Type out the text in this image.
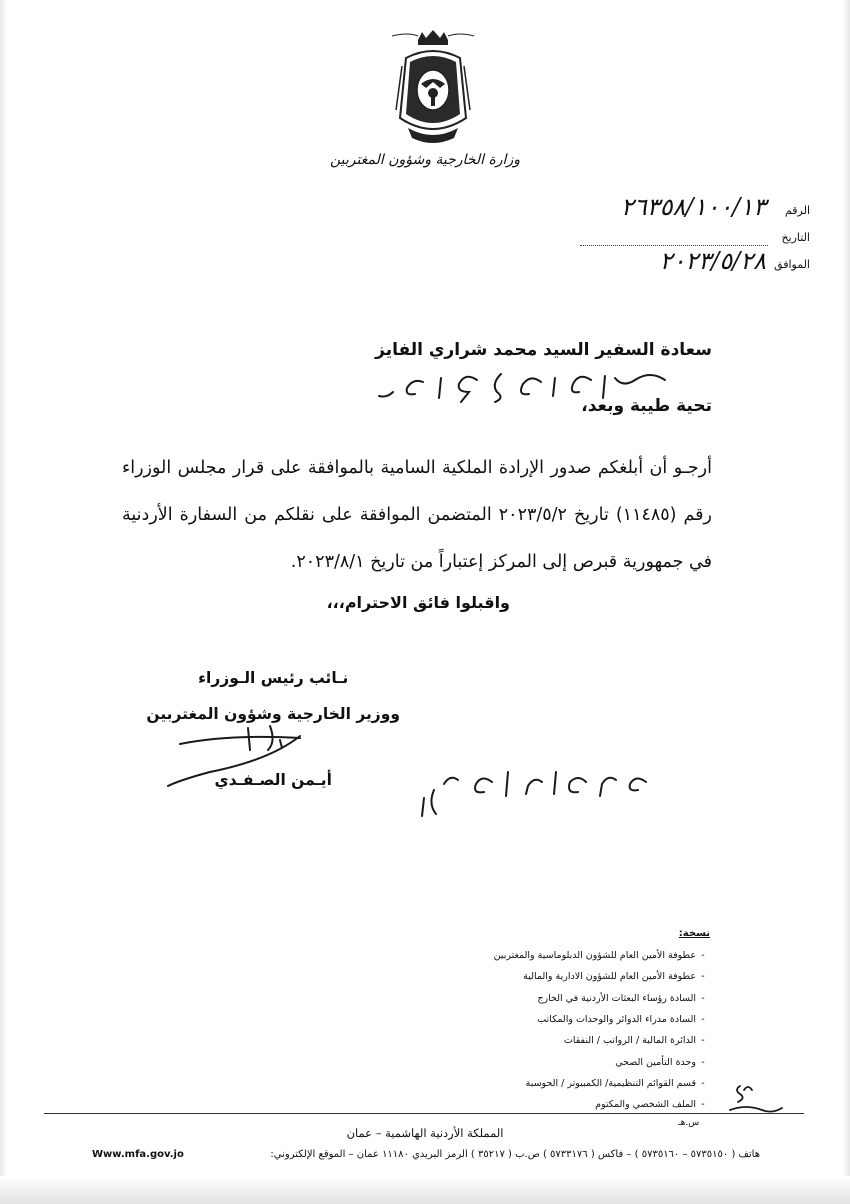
وزارة الخارجية وشؤون المغتربين
الرقم
٢٦٣٥٨/١٠٠/١٣
التاريخ
الموافق
٢٠٢٣/٥/٢٨
سعادة السفير السيد محمد شراري الفايز
تحية طيبة وبعد،
أرجـو أن أبلغكم صدور الإرادة الملكية السامية بالموافقة على قرار مجلس الوزراء رقم (١١٤٨٥) تاريخ ٢٠٢٣/٥/٢ المتضمن الموافقة على نقلكم من السفارة الأردنية في جمهورية قبرص إلى المركز إعتباراً من تاريخ ٢٠٢٣/٨/١.
واقبلوا فائق الاحترام،،،
نـائب رئيس الـوزراء
ووزير الخارجية وشؤون المغتربين
أيـمن الصـفـدي
نسخة:
-
عطوفة الأمين العام للشؤون الدبلوماسية والمغتربين
-
عطوفة الأمين العام للشؤون الادارية والمالية
-
السادة رؤساء البعثات الأردنية في الخارج
-
السادة مدراء الدوائر والوحدات والمكاتب
-
الدائرة المالية / الرواتب / النفقات
-
وحدة التأمين الصحي
-
قسم القوائم التنظيمية/ الكمبيوتر / الحوسبة
-
الملف الشخصي والمكتوم
س.هـ
المملكة الأردنية الهاشمية – عمان
هاتف ( ٥٧٣٥١٥٠ – ٥٧٣٥١٦٠ ) – فاكس ( ٥٧٣٣١٧٦ ) ص.ب ( ٣٥٢١٧ ) الرمز البريدي ١١١٨٠ عمان – الموقع الإلكتروني:
Www.mfa.gov.jo
